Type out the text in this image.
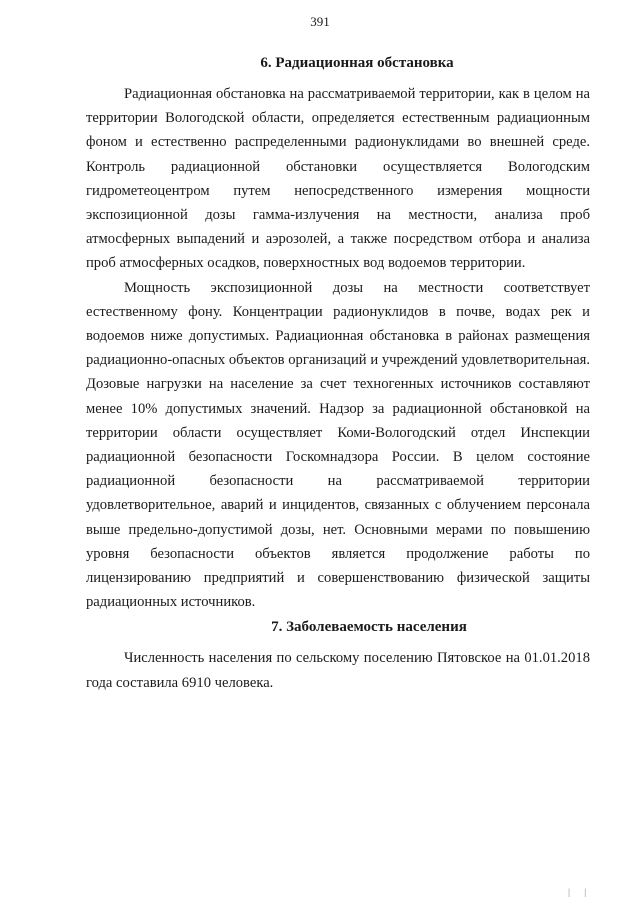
391
6. Радиационная обстановка

Радиационная обстановка на рассматриваемой территории, как в целом на территории Вологодской области, определяется естественным радиационным фоном и естественно распределенными радионуклидами во внешней среде. Контроль радиационной обстановки осуществляется Вологодским гидрометеоцентром путем непосредственного измерения мощности экспозиционной дозы гамма-излучения на местности, анализа проб атмосферных выпадений и аэрозолей, а также посредством отбора и анализа проб атмосферных осадков, поверхностных вод водоемов территории.

Мощность экспозиционной дозы на местности соответствует естественному фону. Концентрации радионуклидов в почве, водах рек и водоемов ниже допустимых. Радиационная обстановка в районах размещения радиационно-опасных объектов организаций и учреждений удовлетворительная. Дозовые нагрузки на население за счет техногенных источников составляют менее 10% допустимых значений. Надзор за радиационной обстановкой на территории области осуществляет Коми-Вологодский отдел Инспекции радиационной безопасности Госкомнадзора России. В целом состояние радиационной безопасности на рассматриваемой территории удовлетворительное, аварий и инцидентов, связанных с облучением персонала выше предельно-допустимой дозы, нет. Основными мерами по повышению уровня безопасности объектов является продолжение работы по лицензированию предприятий и совершенствованию физической защиты радиационных источников.

7. Заболеваемость населения

Численность населения по сельскому поселению Пятовское на 01.01.2018 года составила 6910 человека.

| |
